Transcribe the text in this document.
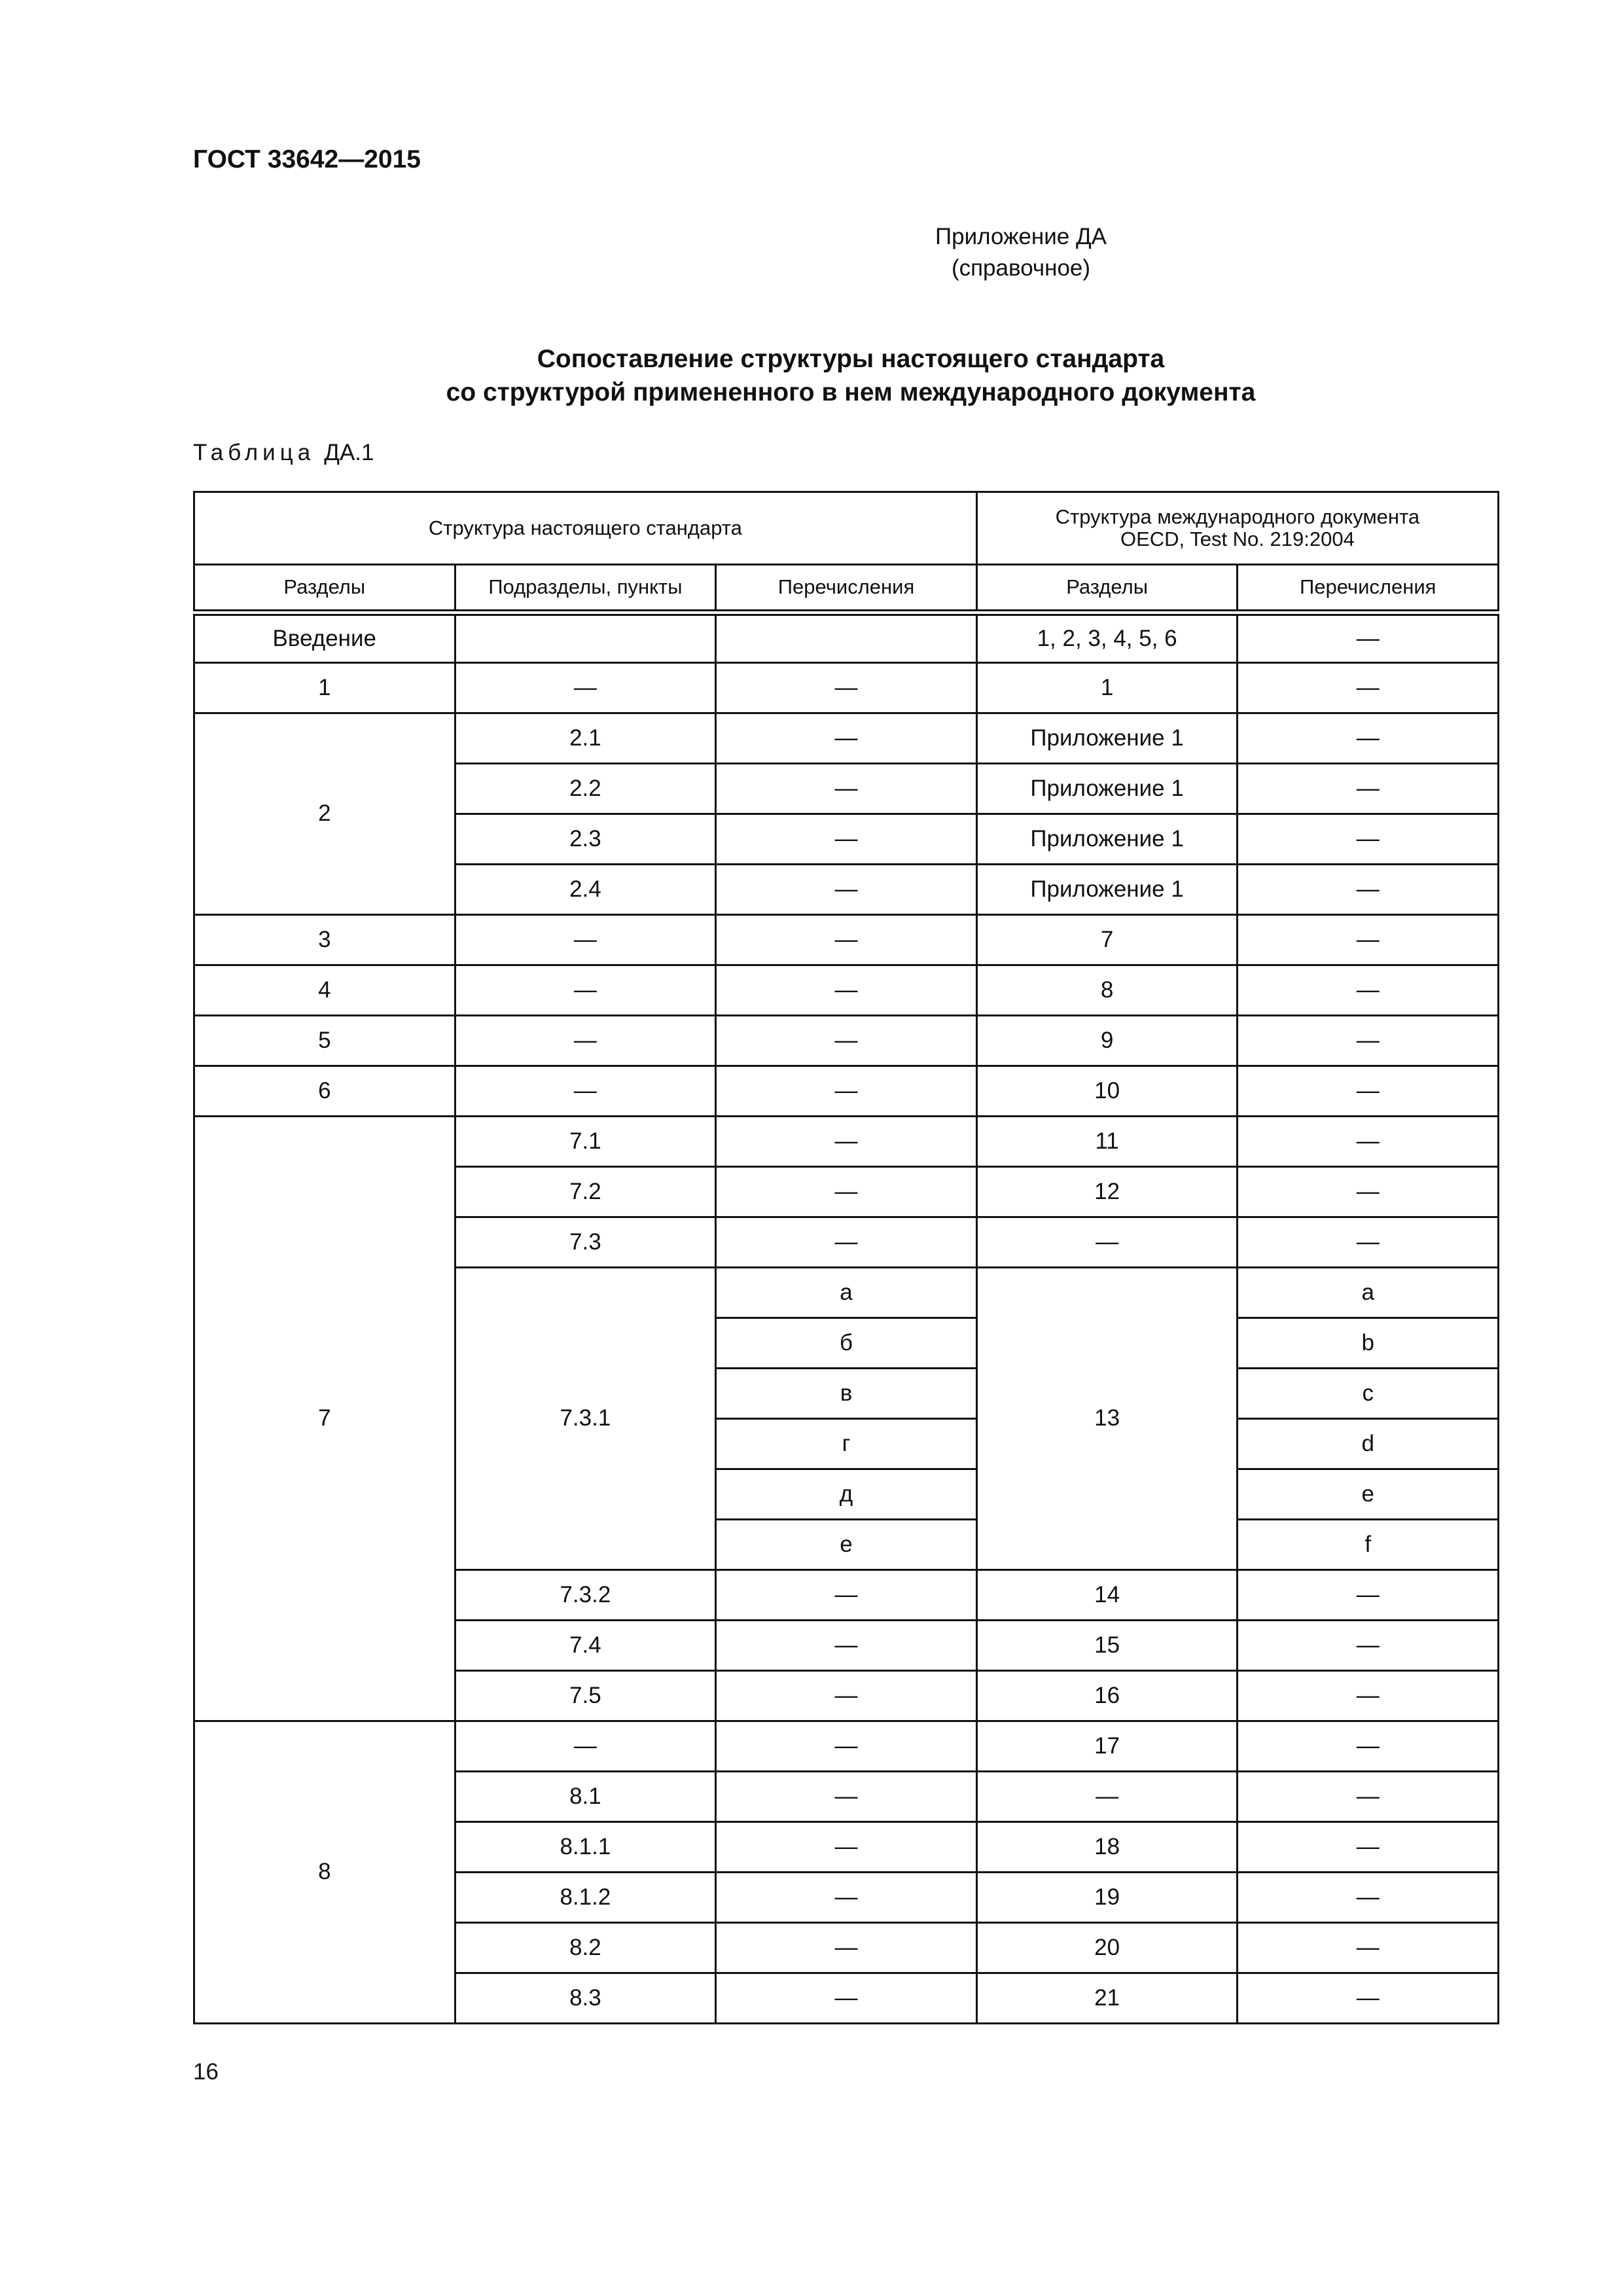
ГОСТ 33642—2015
Приложение ДА
(справочное)
Сопоставление структуры настоящего стандарта
со структурой примененного в нем международного документа
Таблица ДА.1
Структура настоящего стандарта			Структура международного документа
OECD, Test No. 219:2004	

Разделы	Подразделы, пункты	Перечисления	Разделы	Перечисления
Введение			1, 2, 3, 4, 5, 6	—
1	—	—	1	—
2	2.1	—	Приложение 1	—
	2.2	—	Приложение 1	—
	2.3	—	Приложение 1	—
	2.4	—	Приложение 1	—
3	—	—	7	—
4	—	—	8	—
5	—	—	9	—
6	—	—	10	—
7	7.1	—	11	—
	7.2	—	12	—
	7.3	—	—	—
	7.3.1	а	13	a
		б		b
		в		c
		г		d
		д		e
		е		f
	7.3.2	—	14	—
	7.4	—	15	—
	7.5	—	16	—
8	—	—	17	—
	8.1	—	—	—
	8.1.1	—	18	—
	8.1.2	—	19	—
	8.2	—	20	—
	8.3	—	21	—
16
